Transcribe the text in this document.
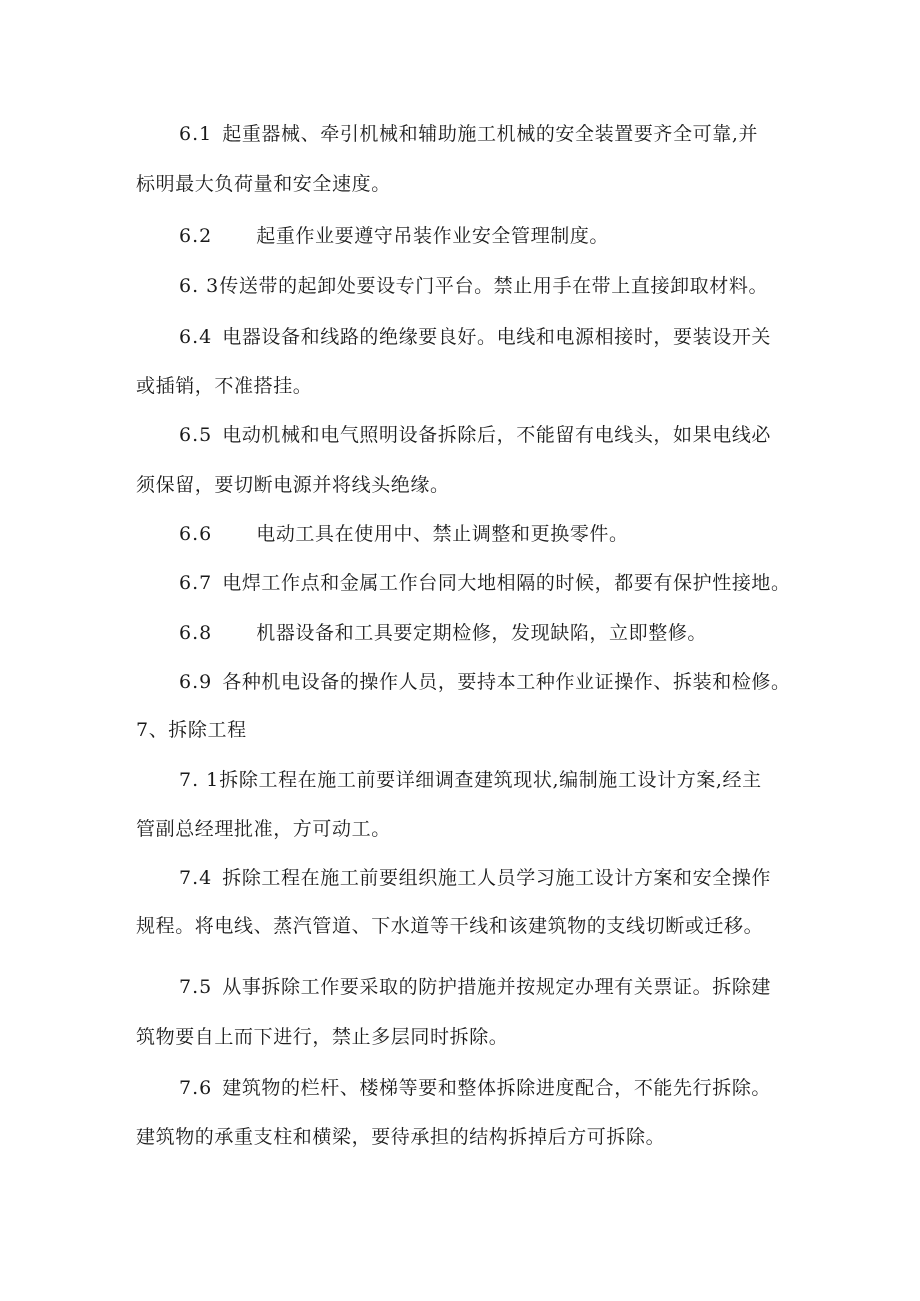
6.1 起重器械、牵引机械和辅助施工机械的安全装置要齐全可靠,并
标明最大负荷量和安全速度。
6.2 起重作业要遵守吊装作业安全管理制度。
6. 3传送带的起卸处要设专门平台。禁止用手在带上直接卸取材料。
6.4 电器设备和线路的绝缘要良好。电线和电源相接时，要装设开关
或插销，不准搭挂。
6.5 电动机械和电气照明设备拆除后，不能留有电线头，如果电线必
须保留，要切断电源并将线头绝缘。
6.6 电动工具在使用中、禁止调整和更换零件。
6.7 电焊工作点和金属工作台同大地相隔的时候，都要有保护性接地。
6.8 机器设备和工具要定期检修，发现缺陷，立即整修。
6.9 各种机电设备的操作人员，要持本工种作业证操作、拆装和检修。
7、拆除工程
7. 1拆除工程在施工前要详细调查建筑现状,编制施工设计方案,经主
管副总经理批准，方可动工。
7.4 拆除工程在施工前要组织施工人员学习施工设计方案和安全操作
规程。将电线、蒸汽管道、下水道等干线和该建筑物的支线切断或迁移。
7.5 从事拆除工作要采取的防护措施并按规定办理有关票证。拆除建
筑物要自上而下进行，禁止多层同时拆除。
7.6 建筑物的栏杆、楼梯等要和整体拆除进度配合，不能先行拆除。
建筑物的承重支柱和横梁，要待承担的结构拆掉后方可拆除。
